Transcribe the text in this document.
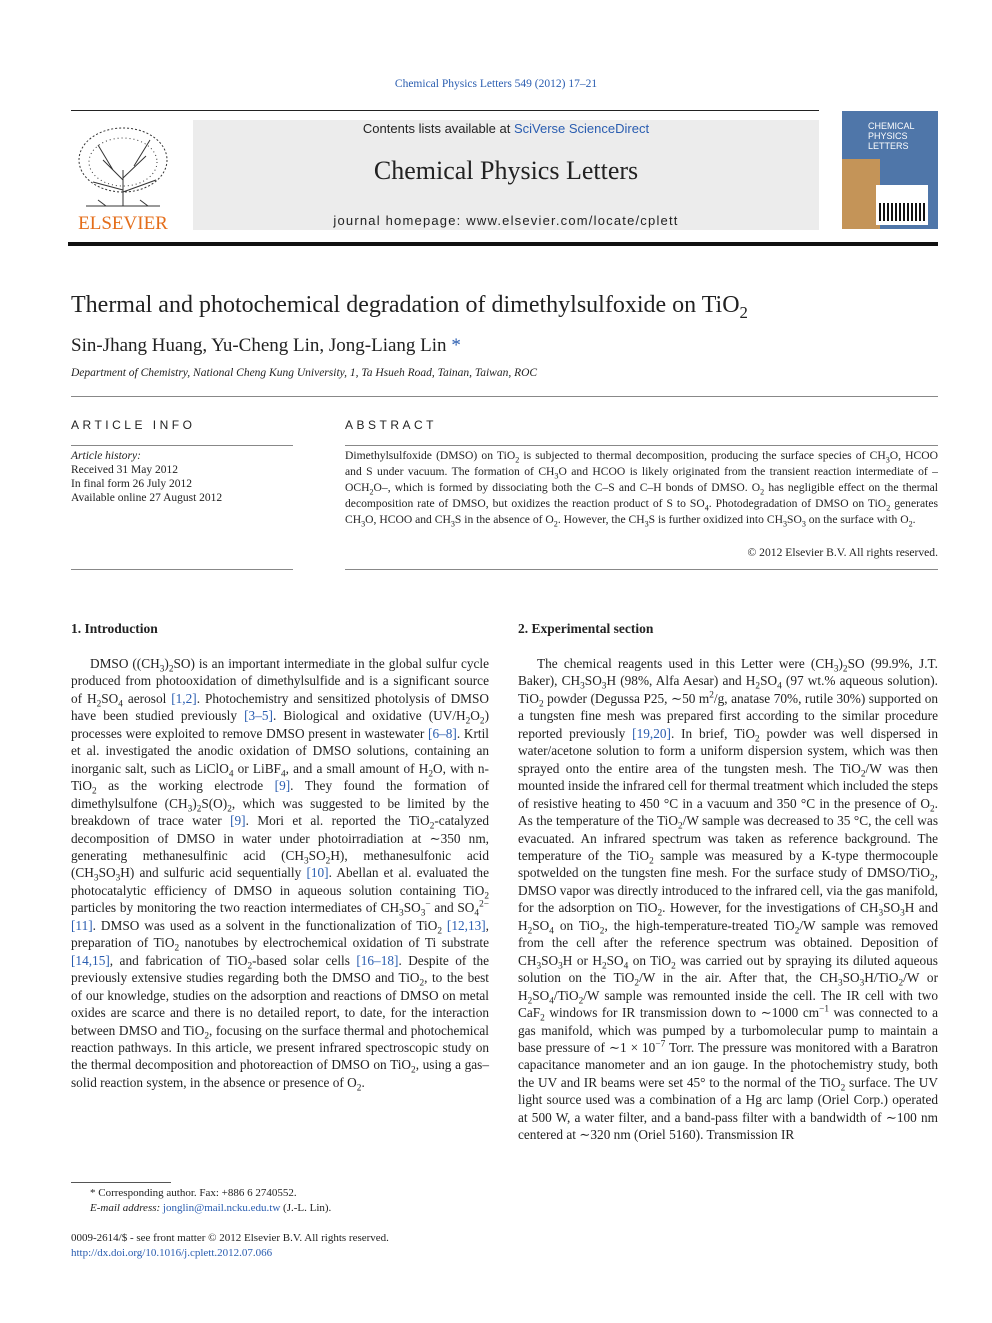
Chemical Physics Letters 549 (2012) 17–21
ELSEVIER
Contents lists available at SciVerse ScienceDirect
Chemical Physics Letters
journal homepage: www.elsevier.com/locate/cplett
CHEMICAL
PHYSICS
LETTERS
Thermal and photochemical degradation of dimethylsulfoxide on TiO$_2$
Sin-Jhang Huang, Yu-Cheng Lin, Jong-Liang Lin *
Department of Chemistry, National Cheng Kung University, 1, Ta Hsueh Road, Tainan, Taiwan, ROC
ARTICLE INFO	ABSTRACT
Article history:
Received 31 May 2012
In final form 26 July 2012
Available online 27 August 2012
Dimethylsulfoxide (DMSO) on TiO$_2$ is subjected to thermal decomposition, producing the surface species of $CH_3O$, HCOO and S under vacuum. The formation of $CH_3O$ and HCOO is likely originated from the transient reaction intermediate of $-OCH_2O-$, which is formed by dissociating both the C–S and C–H bonds of DMSO. $O_2$ has negligible effect on the thermal decomposition rate of DMSO, but oxidizes the reaction product of S to $SO_4$. Photodegradation of DMSO on TiO$_2$ generates $CH_3O$, HCOO and $CH_3S$ in the absence of $O_2$. However, the $CH_3S$ is further oxidized into $CH_3SO_3$ on the surface with $O_2$.
© 2012 Elsevier B.V. All rights reserved.
1. Introduction	2. Experimental section

DMSO $((CH_3)_2SO)$ is an important intermediate in the global sulfur cycle produced from photooxidation of dimethylsulfide and is a significant source of $H_2SO_4$ aerosol [1,2]. Photochemistry and sensitized photolysis of DMSO have been studied previously [3–5]. Biological and oxidative $(UV/H_2O_2)$ processes were exploited to remove DMSO present in wastewater [6–8]. Krtil et al. investigated the anodic oxidation of DMSO solutions, containing an inorganic salt, such as LiClO$_4$ or LiBF$_4$, and a small amount of $H_2O$, with n-TiO$_2$ as the working electrode [9]. They found the formation of dimethylsulfone $(CH_3)_2S(O)_2$, which was suggested to be limited by the breakdown of trace water [9]. Mori et al. reported the TiO$_2$-catalyzed decomposition of DMSO in water under photoirradiation at ∼350 nm, generating methanesulfinic acid $(CH_3SO_2H)$, methanesulfonic acid $(CH_3SO_3H)$ and sulfuric acid sequentially [10]. Abellan et al. evaluated the photocatalytic efficiency of DMSO in aqueous solution containing TiO$_2$ particles by monitoring the two reaction intermediates of $CH_3SO_3^-$ and $SO_4^{2-}$ [11]. DMSO was used as a solvent in the functionalization of TiO$_2$ [12,13], preparation of TiO$_2$ nanotubes by electrochemical oxidation of Ti substrate [14,15], and fabrication of TiO$_2$-based solar cells [16–18]. Despite of the previously extensive studies regarding both the DMSO and TiO$_2$, to the best of our knowledge, studies on the adsorption and reactions of DMSO on metal oxides are scarce and there is no detailed report, to date, for the interaction between DMSO and TiO$_2$, focusing on the surface thermal and photochemical reaction pathways. In this article, we present infrared spectroscopic study on the thermal decomposition and photoreaction of DMSO on TiO$_2$, using a gas–solid reaction system, in the absence or presence of $O_2$.

The chemical reagents used in this Letter were $(CH_3)_2SO$ (99.9%, J.T. Baker), $CH_3SO_3H$ (98%, Alfa Aesar) and $H_2SO_4$ (97 wt.% aqueous solution). TiO$_2$ powder (Degussa P25, ∼50 $m^2/g$, anatase 70%, rutile 30%) supported on a tungsten fine mesh was prepared first according to the similar procedure reported previously [19,20]. In brief, TiO$_2$ powder was well dispersed in water/acetone solution to form a uniform dispersion system, which was then sprayed onto the entire area of the tungsten mesh. The TiO$_2$/W was then mounted inside the infrared cell for thermal treatment which included the steps of resistive heating to 450 °C in a vacuum and 350 °C in the presence of $O_2$. As the temperature of the TiO$_2$/W sample was decreased to 35 °C, the cell was evacuated. An infrared spectrum was taken as reference background. The temperature of the TiO$_2$ sample was measured by a K-type thermocouple spotwelded on the tungsten fine mesh. For the surface study of DMSO/TiO$_2$, DMSO vapor was directly introduced to the infrared cell, via the gas manifold, for the adsorption on TiO$_2$. However, for the investigations of $CH_3SO_3H$ and $H_2SO_4$ on TiO$_2$, the high-temperature-treated TiO$_2$/W sample was removed from the cell after the reference spectrum was obtained. Deposition of $CH_3SO_3H$ or $H_2SO_4$ on TiO$_2$ was carried out by spraying its diluted aqueous solution on the TiO$_2$/W in the air. After that, the $CH_3SO_3H/TiO_2/W$ or $H_2SO_4/TiO_2/W$ sample was remounted inside the cell. The IR cell with two CaF$_2$ windows for IR transmission down to ∼1000 $cm^{-1}$ was connected to a gas manifold, which was pumped by a turbomolecular pump to maintain a base pressure of ∼1 × $10^{-7}$ Torr. The pressure was monitored with a Baratron capacitance manometer and an ion gauge. In the photochemistry study, both the UV and IR beams were set 45° to the normal of the TiO$_2$ surface. The UV light source used was a combination of a Hg arc lamp (Oriel Corp.) operated at 500 W, a water filter, and a band-pass filter with a bandwidth of ∼100 nm centered at ∼320 nm (Oriel 5160). Transmission IR

* Corresponding author. Fax: +886 6 2740552.
E-mail address: jonglin@mail.ncku.edu.tw (J.-L. Lin).
0009-2614/$ - see front matter © 2012 Elsevier B.V. All rights reserved.
http://dx.doi.org/10.1016/j.cplett.2012.07.066
